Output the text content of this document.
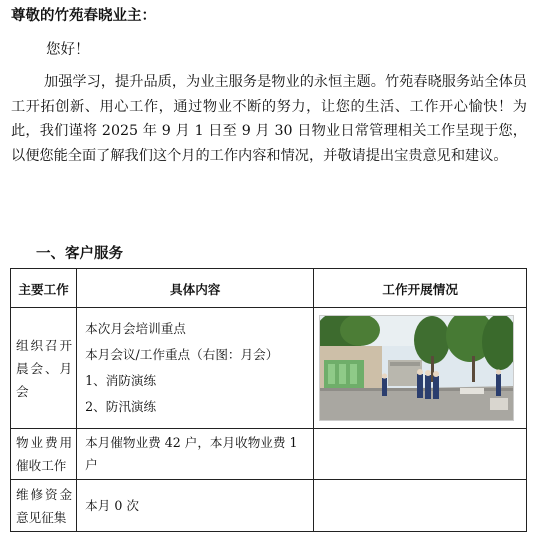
尊敬的竹苑春晓业主：
您好！
加强学习，提升品质，为业主服务是物业的永恒主题。竹苑春晓服务站全体员工开拓创新、用心工作，通过物业不断的努力，让您的生活、工作开心愉快！为此，我们谨将 2025 年 9 月 1 日至 9 月 30 日物业日常管理相关工作呈现于您，以便您能全面了解我们这个月的工作内容和情况，并敬请提出宝贵意见和建议。
一、客户服务
主要工作	具体内容	工作开展情况

组织召开晨会、月会	本次月会培训重点
本月会议/工作重点（右图：月会）
1、消防演练
2、防汛演练

物业费用催收工作	本月催物业费 42 户，本月收物业费 1 户	

维修资金意见征集	本月 0 次	
